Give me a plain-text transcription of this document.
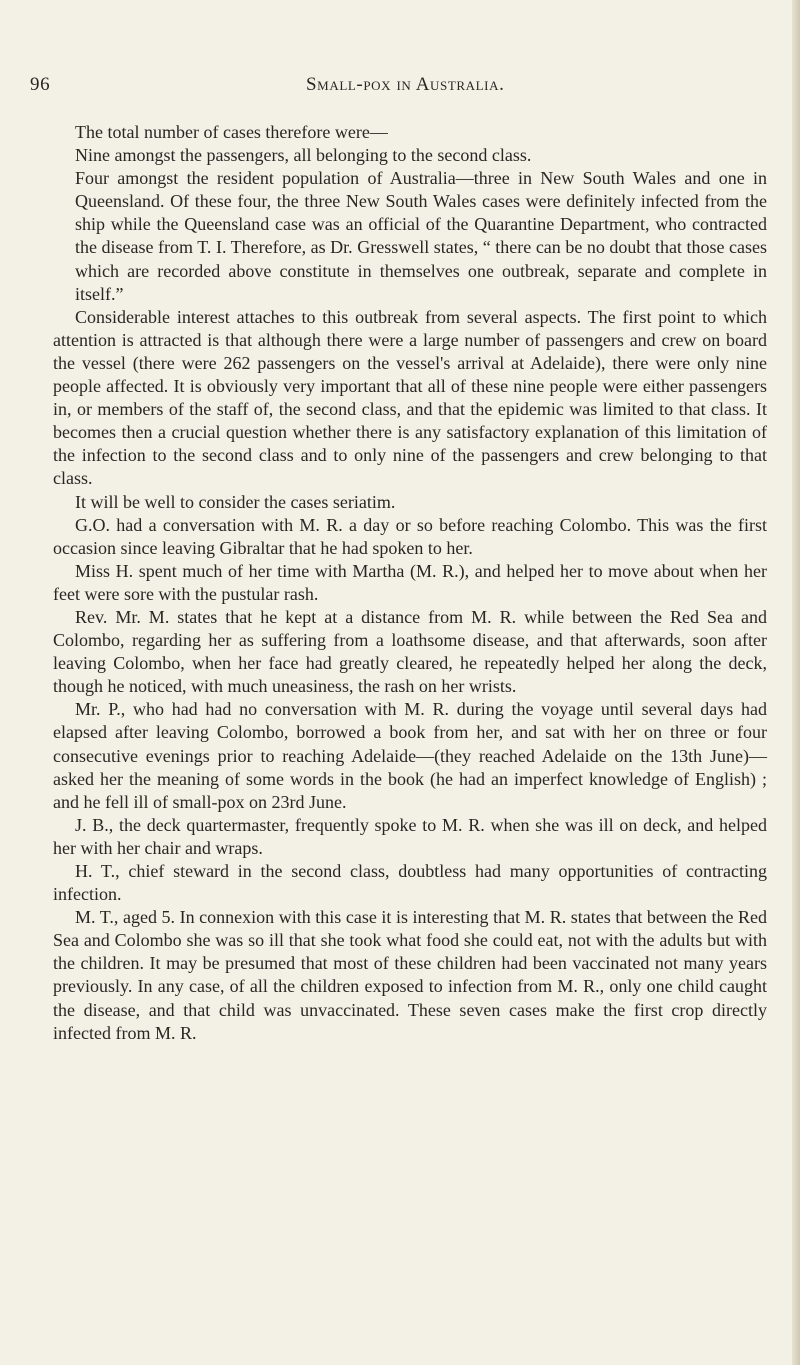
96	Small-pox in Australia.

The total number of cases therefore were—

Nine amongst the passengers, all belonging to the second class.

Four amongst the resident population of Australia—three in New South Wales and one in Queensland. Of these four, the three New South Wales cases were definitely infected from the ship while the Queensland case was an official of the Quarantine Department, who contracted the disease from T. I. Therefore, as Dr. Gresswell states, “ there can be no doubt that those cases which are recorded above constitute in themselves one outbreak, separate and complete in itself.”

Considerable interest attaches to this outbreak from several aspects. The first point to which attention is attracted is that although there were a large number of passengers and crew on board the vessel (there were 262 passengers on the vessel's arrival at Adelaide), there were only nine people affected. It is obviously very important that all of these nine people were either passengers in, or members of the staff of, the second class, and that the epidemic was limited to that class. It becomes then a crucial question whether there is any satisfactory explanation of this limitation of the infection to the second class and to only nine of the passengers and crew belonging to that class.

It will be well to consider the cases seriatim.

G.O. had a conversation with M. R. a day or so before reaching Colombo. This was the first occasion since leaving Gibraltar that he had spoken to her.

Miss H. spent much of her time with Martha (M. R.), and helped her to move about when her feet were sore with the pustular rash.

Rev. Mr. M. states that he kept at a distance from M. R. while between the Red Sea and Colombo, regarding her as suffering from a loathsome disease, and that afterwards, soon after leaving Colombo, when her face had greatly cleared, he repeatedly helped her along the deck, though he noticed, with much uneasiness, the rash on her wrists.

Mr. P., who had had no conversation with M. R. during the voyage until several days had elapsed after leaving Colombo, borrowed a book from her, and sat with her on three or four consecutive evenings prior to reaching Adelaide—(they reached Adelaide on the 13th June)—asked her the meaning of some words in the book (he had an imperfect knowledge of English) ; and he fell ill of small-pox on 23rd June.

J. B., the deck quartermaster, frequently spoke to M. R. when she was ill on deck, and helped her with her chair and wraps.

H. T., chief steward in the second class, doubtless had many opportunities of contracting infection.

M. T., aged 5. In connexion with this case it is interesting that M. R. states that between the Red Sea and Colombo she was so ill that she took what food she could eat, not with the adults but with the children. It may be presumed that most of these children had been vaccinated not many years previously. In any case, of all the children exposed to infection from M. R., only one child caught the disease, and that child was unvaccinated. These seven cases make the first crop directly infected from M. R.
